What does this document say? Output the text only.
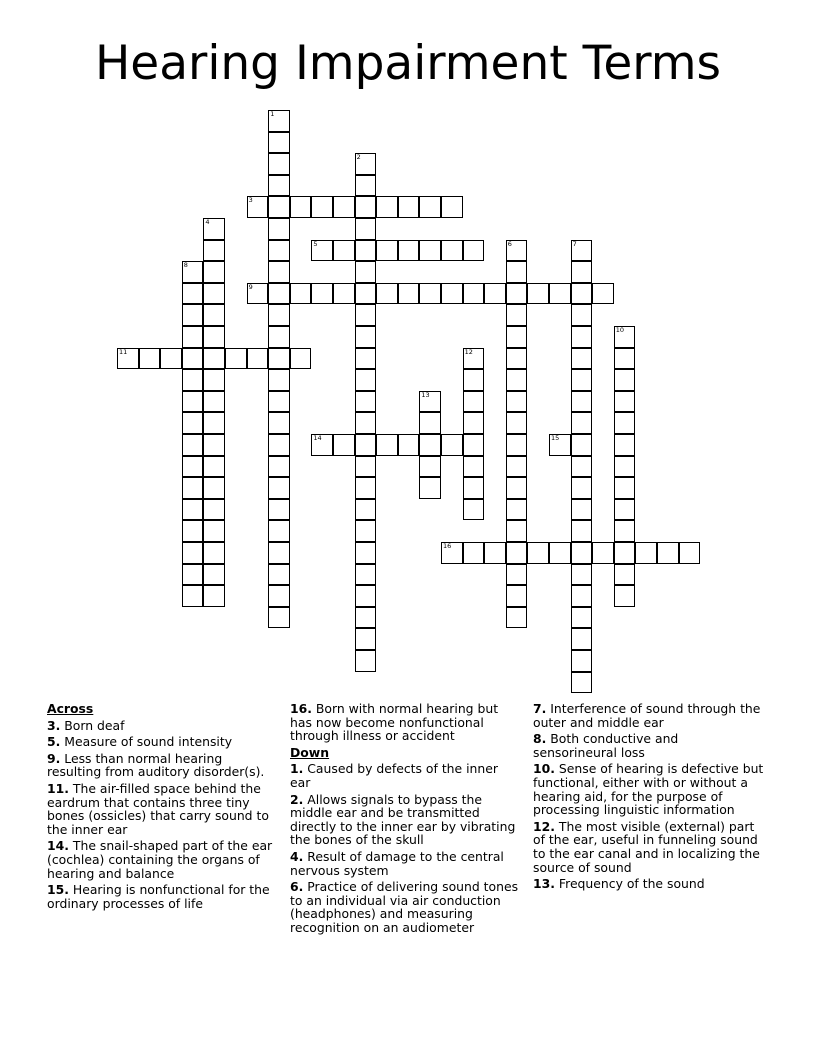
Hearing Impairment Terms
1
2
3
4
5	6	7
8
9
10
11	12
13
14	15
16
Across
3. Born deaf
5. Measure of sound intensity
9. Less than normal hearing resulting from auditory disorder(s).
11. The air-filled space behind the eardrum that contains three tiny bones (ossicles) that carry sound to the inner ear
14. The snail-shaped part of the ear (cochlea) containing the organs of hearing and balance
15. Hearing is nonfunctional for the ordinary processes of life
16. Born with normal hearing but has now become nonfunctional through illness or accident
Down
1. Caused by defects of the inner ear
2. Allows signals to bypass the middle ear and be transmitted directly to the inner ear by vibrating the bones of the skull
4. Result of damage to the central nervous system
6. Practice of delivering sound tones to an individual via air conduction (headphones) and measuring recognition on an audiometer
7. Interference of sound through the outer and middle ear
8. Both conductive and sensorineural loss
10. Sense of hearing is defective but functional, either with or without a hearing aid, for the purpose of processing linguistic information
12. The most visible (external) part of the ear, useful in funneling sound to the ear canal and in localizing the source of sound
13. Frequency of the sound
